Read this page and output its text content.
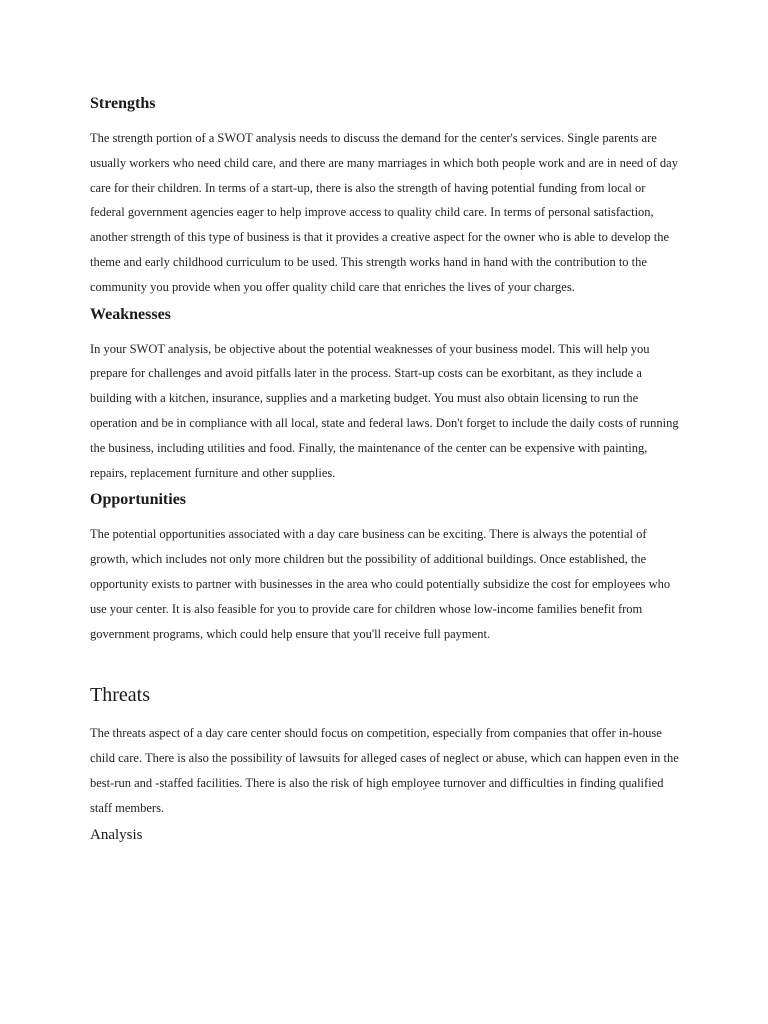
Strengths

The strength portion of a SWOT analysis needs to discuss the demand for the center's services. Single parents are usually workers who need child care, and there are many marriages in which both people work and are in need of day care for their children. In terms of a start-up, there is also the strength of having potential funding from local or federal government agencies eager to help improve access to quality child care. In terms of personal satisfaction, another strength of this type of business is that it provides a creative aspect for the owner who is able to develop the theme and early childhood curriculum to be used. This strength works hand in hand with the contribution to the community you provide when you offer quality child care that enriches the lives of your charges.

Weaknesses

In your SWOT analysis, be objective about the potential weaknesses of your business model. This will help you prepare for challenges and avoid pitfalls later in the process. Start-up costs can be exorbitant, as they include a building with a kitchen, insurance, supplies and a marketing budget. You must also obtain licensing to run the operation and be in compliance with all local, state and federal laws. Don't forget to include the daily costs of running the business, including utilities and food. Finally, the maintenance of the center can be expensive with painting, repairs, replacement furniture and other supplies.

Opportunities

The potential opportunities associated with a day care business can be exciting. There is always the potential of growth, which includes not only more children but the possibility of additional buildings. Once established, the opportunity exists to partner with businesses in the area who could potentially subsidize the cost for employees who use your center. It is also feasible for you to provide care for children whose low-income families benefit from government programs, which could help ensure that you'll receive full payment.

Threats

The threats aspect of a day care center should focus on competition, especially from companies that offer in-house child care. There is also the possibility of lawsuits for alleged cases of neglect or abuse, which can happen even in the best-run and -staffed facilities. There is also the risk of high employee turnover and difficulties in finding qualified staff members.

Analysis
